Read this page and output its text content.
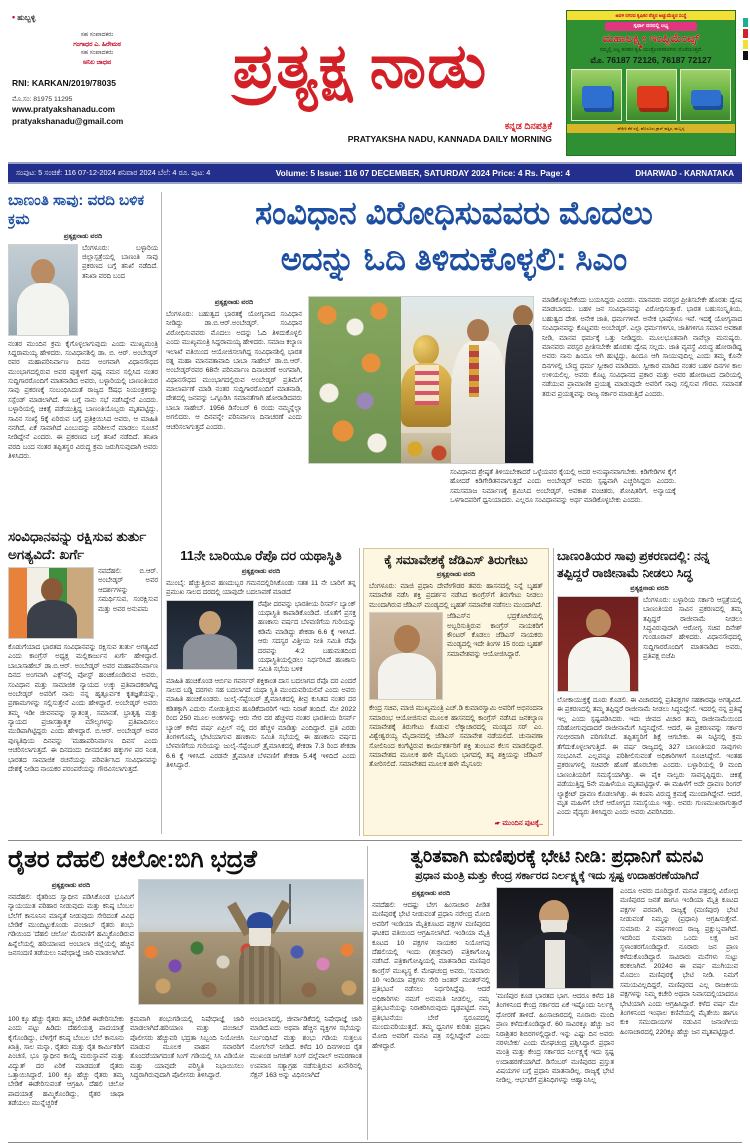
• ಹುಬ್ಬಳ್ಳಿ
ಸಹ ಸಂಪಾದಕರು
ಗಂಗಾಧರ ಎ. ಹಿರೇಮಠ
ಸಹ ಸಂಪಾದಕರು
ಅನಿಲ ಜಾಧವ
RNI: KARKAN/2019/78035
ಮೊ.ಸಂ: 81975 11295
www.pratyakshanadu.com
pratyakshanadu@gmail.com
ಪ್ರತ್ಯಕ್ಷ ನಾಡು
ಕನ್ನಡ ದಿನಪತ್ರಿಕೆ
PRATYAKSHA NADU, KANNADA DAILY MORNING
ಅವಳಿ ನಗರದ ಕೃಷಿಕರ ನೆಚ್ಚಿನ ಅಚ್ಚುಮೆಚ್ಚಿನ ಸಂಸ್ಥೆ
ಸ್ಪರ್ಧಾ ದರದಲ್ಲಿ ಲಭ್ಯ
ಮಹಾಲಕ್ಷ್ಮೀ ಇಂಪ್ಲಿಮೆಂಟ್ಸ್
ನಮ್ಮಲ್ಲಿ ಎಲ್ಲ ತರಹದ ಕೃಷಿ ಯಂತ್ರೋಪಕರಣಗಳು ದೊರೆಯುತ್ತವೆ.
ಮೊ. 76187 72126, 76187 72127
ಹೆಗ್ಗೇರಿ ಕೆರೆ ರಸ್ತೆ, ಹೊಸೂರು ಕ್ರಾಸ್ ಹತ್ತಿರ, ಹುಬ್ಬಳ್ಳಿ
ಸಂಪುಟ: 5 ಸಂಚಿಕೆ: 116 07-12-2024 ಶನಿವಾರ 2024 ಬೆಲೆ: 4 ರೂ. ಪುಟ: 4	Volume: 5 Issue: 116 07 DECEMBER, SATURDAY 2024 Price: 4 Rs. Page: 4	DHARWAD - KARNATAKA
ಬಾಣಂತಿ ಸಾವು: ವರದಿ ಬಳಿಕ ಕ್ರಮ
ಪ್ರತ್ಯಕ್ಷನಾಡು ವರದಿ
ಬೆಂಗಳೂರು: ಬಳ್ಳಾರಿಯ ಜಿಲ್ಲಾಸ್ಪತ್ರೆಯಲ್ಲಿ ಬಾಣಂತಿ ಸಾವು ಪ್ರಕರಣದ ಬಗ್ಗೆ ತನಿಖೆ ನಡೆದಿದೆ. ತನಿಖಾ ವರದಿ ಬಂದ
ನಂತರ ಮುಂದಿನ ಕ್ರಮ ಕೈಗೊಳ್ಳಲಾಗುವುದು ಎಂದು ಮುಖ್ಯಮಂತ್ರಿ ಸಿದ್ದರಾಮಯ್ಯ ಹೇಳಿದರು. ಸಂವಿಧಾನಶಿಲ್ಪಿ ಡಾ. ಬಿ. ಆರ್. ಅಂಬೇಡ್ಕರ್ ರವರ ಮಹಾಪರಿನಿರ್ವಾಣ ದಿನದ ಅಂಗವಾಗಿ ವಿಧಾನಸೌಧದ ಮುಂಭಾಗದಲ್ಲಿರುವ ಅವರ ಪುತ್ಥಳಿಗೆ ಪುಷ್ಪ ನಮನ ಸಲ್ಲಿಸಿದ ನಂತರ ಸುದ್ದಿಗಾರರೊಂದಿಗೆ ಮಾತನಾಡಿದ ಅವರು, ಬಳ್ಳಾರಿಯಲ್ಲಿ ಬಾಣಂತಿಯರ ಸಾವು ಪ್ರಕರಣಕ್ಕೆ ಸಂಬಂಧಿಸಿದಂತೆ ರಾಜ್ಯದ ಔಷಧ ನಿಯಂತ್ರಕರನ್ನು ಸಸ್ಪೆಂಡ್ ಮಾಡಲಾಗಿದೆ. ಈ ಬಗ್ಗೆ ನಾನು ಸಭೆ ನಡೆಸಿದ್ದೇನೆ ಎಂದರು. ಬಳ್ಳಾರಿಯಲ್ಲಿ ಚಿಕಿತ್ಸೆ ಪಡೆಯುತ್ತಿದ್ದ ಬಾಣಂತಿಯೊಬ್ಬರು ಮೃತಪಟ್ಟಿದ್ದು, ಸಾವಿನ ಸಂಖ್ಯೆ 5ಕ್ಕೆ ಏರಿರುವ ಬಗ್ಗೆ ಪ್ರತಿಕ್ರಿಯಿಸಿದ ಅವರು, ಆ ಮಾಹಿತಿ ನನಗಿದೆ, ಏಕೆ ಸಾವಾಗಿದೆ ಎಂಬುದನ್ನು ಪರಿಶೀಲನೆ ಮಾಡಲು ಸೂಚನೆ ನೀಡಿದ್ದೇನೆ ಎಂದರು. ಈ ಪ್ರಕರಣದ ಬಗ್ಗೆ ತನಿಖೆ ನಡೆದಿದೆ. ತನಿಖಾ ವರದಿ ಬಂದ ನಂತರ ತಪ್ಪಿತಸ್ಥರ ವಿರುದ್ಧ ಕ್ರಮ ಜರುಗಿಸುವುದಾಗಿ ಅವರು ತಿಳಿಸಿದರು.
ಸಂವಿಧಾನ ವಿರೋಧಿಸುವವರು ಮೊದಲು
ಅದನ್ನು ಓದಿ ತಿಳಿದುಕೊಳ್ಳಲಿ: ಸಿಎಂ
ಪ್ರತ್ಯಕ್ಷನಾಡು ವರದಿ
ಬೆಂಗಳೂರು: ಬಹುತ್ವದ ಭಾರತಕ್ಕೆ ಯೋಗ್ಯವಾದ ಸಂವಿಧಾನ ನೀಡಿದ್ದು ಡಾ.ಬಿ.ಆರ್.ಅಂಬೇಡ್ಕರ್. ಸಂವಿಧಾನ ವಿರೋಧಿಸುವವರು ಮೊದಲು ಅದನ್ನು ಓದಿ ತಿಳಿದುಕೊಳ್ಳಲಿ ಎಂದು ಮುಖ್ಯಮಂತ್ರಿ ಸಿದ್ದರಾಮಯ್ಯ ಹೇಳಿದರು. ಸಮಾಜ ಕಲ್ಯಾಣ ಇಲಾಖೆ ವತಿಯಿಂದ ಆಯೋಜಿಸಲಾಗಿದ್ದ ಸಂವಿಧಾನಶಿಲ್ಪಿ ಭಾರತ ರತ್ನ ಮಹಾ ಮಾನವತಾವಾದಿ ಬಾಬಾ ಸಾಹೇಬ್ ಡಾ.ಬಿ.ಆರ್. ಅಂಬೇಡ್ಕರ್‌ರವರ 68ನೇ ಪರಿನಿರ್ವಾಣ ದಿನಾಚರಣೆ ಅಂಗವಾಗಿ, ವಿಧಾನಸೌಧದ ಮುಂಭಾಗದಲ್ಲಿರುವ ಅಂಬೇಡ್ಕರ್ ಪ್ರತಿಮೆಗೆ ಮಾಲಾರ್ಪಣೆ ಮಾಡಿ ನಂತರ ಸುದ್ದಿಗಾರರೊಂದಿಗೆ ಮಾತನಾಡಿ, ದೇಶದಲ್ಲಿ ಜನವನ್ನು ಒಗ್ಗೂಡಿಸಿ ಸಮಾನತೆಗಾಗಿ ಹೋರಾಡಿದವರು ಬಾಬಾ ಸಾಹೇಬ್. 1956 ಡಿಸೆಂಬರ್ 6 ರಂದು ನಮ್ಮನ್ನೆಲ್ಲಾ ಅಗಲಿದರು. ಆ ದಿನವನ್ನೇ ಪರಿನಿರ್ವಾಣ ದಿನಾಚರಣೆ ಎಂದು ಆಚರಿಸಲಾಗುತ್ತದೆ ಎಂದರು.
ಸಂವಿಧಾನದ ಶ್ರೇಷ್ಠತೆ ತಿಳಿಯಬೇಕಾದರೆ ಒಳ್ಳೆಯವರ ಕೈಯಲ್ಲಿ ಅದರ ಅನುಷ್ಠಾನವಾಗಬೇಕು. ಕಿಡಿಗೇಡಿಗಳ ಕೈಗೆ ಹೋದರೆ ಕಿಡಿಗೇಡಿತನವಾಗುತ್ತದೆ ಎಂದು ಅಂಬೇಡ್ಕರ್ ಅವರು ಸ್ಪಷ್ಟವಾಗಿ ಎಚ್ಚರಿಸಿದ್ದರು ಎಂದರು. ಸಮಸಮಾಜ ನಿರ್ಮಾಣಕ್ಕೆ ಶ್ರಮಿಸಿದ ಅಂಬೇಡ್ಕರ್, ಅವಕಾಶ ವಂಚಿತರು, ಶೋಷಿತರಿಗೆ, ಅನ್ಯಾಯಕ್ಕೆ ಒಳಗಾದವರಿಗೆ ಧ್ವನಿಯಾದರು. ಎಲ್ಲರೂ ಸಂವಿಧಾನವನ್ನು ಅರ್ಥ ಮಾಡಿಕೊಳ್ಳಬೇಕು ಎಂದರು.
ಮಾಡಿಕೊಳ್ಳಬೇಕೆಂದು ಬಯಸಿದ್ದರು ಎಂದರು. ಮಾನವರು ಪರಸ್ಪರ ಪ್ರೀತಿಸಬೇಕೇ ಹೊರತು ದ್ವೇಷ ಮಾಡಬಾರದು. ಬಹಳ ಜನ ಸಂವಿಧಾನವನ್ನು ವಿರೋಧಿಸುತ್ತಾರೆ. ಭಾರತ ಬಹುಸಂಸ್ಕೃತಿಯ, ಬಹುತ್ವದ ದೇಶ. ಅನೇಕ ಜಾತಿ, ಧರ್ಮಗಳಿವೆ. ಅನೇಕ ಭಾಷೆಗಳೂ ಇವೆ. ಇದಕ್ಕೆ ಯೋಗ್ಯವಾದ ಸಂವಿಧಾನವನ್ನು ಕೊಟ್ಟವರು ಅಂಬೇಡ್ಕರ್. ಎಲ್ಲಾ ಧರ್ಮಗಳಿಗೂ, ಜಾತಿಗಳಿಗೂ ಸಮಾನ ಅವಕಾಶ ನೀಡಿ, ಮಾನವ ಧರ್ಮಕ್ಕೆ ಒತ್ತು ನೀಡಿದ್ದರು. ಮೂಲಭೂತವಾಗಿ ನಾವೆಲ್ಲಾ ಮನುಷ್ಯರು. ಮಾನವರು ಪರಸ್ಪರ ಪ್ರೀತಿಸಬೇಕೇ ಹೊರತು ದ್ವೇಷ ಸಲ್ಲದು. ಜಾತಿ ವ್ಯವಸ್ಥೆ ವಿರುದ್ಧ ಹೋರಾಡಿದ್ದ ಅವರು ನಾನು ಹಿಂದೂ ಆಗಿ ಹುಟ್ಟಿದ್ದು, ಹಿಂದೂ ಆಗಿ ಸಾಯುವುದಿಲ್ಲ ಎಂದು ತಮ್ಮ ಕೊನೇ ದಿನಗಳಲ್ಲಿ ಬೌದ್ಧ ಧರ್ಮ ಸ್ವೀಕಾರ ಮಾಡಿದರು. ಸ್ವೀಕಾರ ಮಾಡಿದ ನಂತರ ಬಹಳ ದಿನಗಳ ಕಾಲ ಉಳಿಯಲಿಲ್ಲ. ಅವರು ಕೊಟ್ಟ ಸಂವಿಧಾನದ ಪ್ರಕಾರ ಮತ್ತು ಅವರ ಹೋರಾಟದ ದಾರಿಯಲ್ಲಿ ನಡೆಯುವ ಪ್ರಾಮಾಣಿಕ ಪ್ರಯತ್ನ ಮಾಡುವುದೇ ಅವರಿಗೆ ನಾವು ಸಲ್ಲಿಸುವ ಗೌರವ. ಸಮಾನತೆ ತರುವ ಪ್ರಯತ್ನವನ್ನು ರಾಜ್ಯ ಸರ್ಕಾರ ಮಾಡುತ್ತಿದೆ ಎಂದರು.
ಸಂವಿಧಾನವನ್ನು ರಕ್ಷಿಸುವ ತುರ್ತು ಅಗತ್ಯವಿದೆ: ಖರ್ಗೆ
ನವದೆಹಲಿ: ಬಿ.ಆರ್. ಅಂಬೇಡ್ಕರ್ ಅವರ ಆದರ್ಶಗಳನ್ನು ಸಮರ್ಥಿಸುವ, ಸಂರಕ್ಷಿಸುವ ಮತ್ತು ಅವರ ಅನುಪಮ
ಕೊಡುಗೆಯಾದ ಭಾರತದ ಸಂವಿಧಾನವನ್ನು ರಕ್ಷಿಸುವ ತುರ್ತು ಅಗತ್ಯವಿದೆ ಎಂದು ಕಾಂಗ್ರೆಸ್ ಅಧ್ಯಕ್ಷ ಮಲ್ಲಿಕಾರ್ಜುನ ಖರ್ಗೆ ಹೇಳಿದ್ದಾರೆ. ಬಾಬಾಸಾಹೇಬ್ ಡಾ.ಬಿ.ಆರ್. ಅಂಬೇಡ್ಕರ್ ಅವರ ಮಹಾಪರಿನಿರ್ವಾಣ ದಿನದ ಅಂಗವಾಗಿ ಎಕ್ಸ್‌ನಲ್ಲಿ ಪೋಸ್ಟ್ ಹಂಚಿಕೊಂಡಿರುವ ಅವರು, ಸಂವಿಧಾನ ಮತ್ತು ಸಾಮಾಜಿಕ ನ್ಯಾಯದ ಉಕ್ಕು ಪ್ರತಿಪಾದಕರಾಗಿದ್ದ ಅಂಬೇಡ್ಕರ್ ಅವರಿಗೆ ನಾನು ನನ್ನ ಹೃತ್ಪೂರ್ವಕ ಕೃತಜ್ಞತೆಯನ್ನು, ಪ್ರಣಾಮಗಳನ್ನು ಸಲ್ಲಿಸುತ್ತೇನೆ ಎಂದು ಹೇಳಿದ್ದಾರೆ. ಅಂಬೇಡ್ಕರ್ ಅವರು ತಮ್ಮ ಇಡೀ ಜೀವನವನ್ನು ಸ್ವಾತಂತ್ರ್ಯ, ಸಮಾನತೆ, ಭ್ರಾತೃತ್ವ ಮತ್ತು ನ್ಯಾಯದ ಪ್ರಜಾಸತ್ತಾತ್ಮಕ ಮೌಲ್ಯಗಳನ್ನು ಪ್ರತಿಪಾದಿಸಲು ಮುಡಿಪಾಗಿಟ್ಟಿದ್ದರು ಎಂದು ಹೇಳಿದ್ದಾರೆ. ಬಿ.ಆರ್. ಅಂಬೇಡ್ಕರ್ ಅವರ ಪುಣ್ಯತಿಥಿಯ ದಿನವನ್ನು 'ಮಹಾಪರಿನಿರ್ವಾಣ ದಿವಸ' ಎಂದು ಆಚರಿಸಲಾಗುತ್ತದೆ. ಈ ದಿನದಂದು ದೀನದಲಿತರ ಹಕ್ಕುಗಳ ಪರ ನಿಂತ, ಭಾರತದ ಸಾಮಾಜಿಕ ರಚನೆಯನ್ನು ಪರಿವರ್ತಿಸಿದ ಸಂವಿಧಾನವನ್ನು ದೇಶಕ್ಕೆ ನೀಡಿದ ನಾಯಕರ ಪರಂಪರೆಯನ್ನು ಗೌರವಿಸಲಾಗುತ್ತದೆ.
11ನೇ ಬಾರಿಯೂ ರೆಪೊ ದರ ಯಥಾಸ್ಥಿತಿ
ಪ್ರತ್ಯಕ್ಷನಾಡು ವರದಿ
ಮುಂಬೈ: ಹೆಚ್ಚುತ್ತಿರುವ ಹಣದುಬ್ಬರ ಗಮನದಲ್ಲಿರಿಸಿಕೊಂಡು ಸತತ 11 ನೇ ಬಾರಿಗೆ ತನ್ನ ಪ್ರಮುಖ ಸಾಲದ ದರದಲ್ಲಿ ಯಾವುದೇ ಬದಲಾವಣೆ ಮಾಡದೆ
ರೆಪೋ ದರವನ್ನು ಭಾರತೀಯ ರಿಸರ್ವ್ ಬ್ಯಾಂಕ್ ಯಥಾಸ್ಥಿತಿ ಕಾಪಾಡಿಕೊಂಡಿದೆ. ಜೊತೆಗೆ ಪ್ರಸಕ್ತ ಹಣಕಾಸು ವರ್ಷದ ಬೆಳವಣಿಗೆಯ ಗುರಿಯನ್ನು ಕಡಿಮೆ ಮಾಡಿದ್ದು ಶೇಕಡಾ 6.6 ಕ್ಕೆ ಇಳಿಸಿದೆ. ಆರು ಸದಸ್ಯರ ವಿತ್ತೀಯ ನೀತಿ ಸಮಿತಿ ರೆಪೊ ದರವನ್ನು 4:2 ಬಹುಮತದಿಂದ ಯಥಾಸ್ಥಿತಿಯಲ್ಲಿಡಲು ನಿರ್ಧರಿಸಿದೆ ಹಣಕಾಸು ಸಮಿತಿ ಸಭೆಯ ಬಳಿಕ
ಮಾಹಿತಿ ಹಂಚಿಕೊಂಡ ಆರ್ಬಿಐ ಗವರ್ನರ್ ಶಕ್ತಿಕಾಂತ ದಾಸ ಬದಲಾಗದ ರೆಪೊ ದರ ಎಂದರೆ ಸಾಲದ ಬಡ್ಡಿ ದರಗಳು ಸಹ ಬದಲಾಗದೆ ಯಥಾ ಸ್ಥಿತಿ ಮುಂದುವರಿಯಲಿವೆ ಎಂದು ಅವರು ಮಾಹಿತಿ ಹಂಚಿಕೊಂಡರು. ಜುಲೈ-ಸೆಪ್ಟೆಂಬರ್ ತ್ರೈಮಾಸಿಕದಲ್ಲಿ ತೀವ್ರ ಕುಸಿತದ ನಂತರ ದರ ಕಡಿತಕ್ಕಾಗಿ ಎದುರು ನೋಡುತ್ತಿರುವ ಹೂಡಿಕೆದಾರರಿಗೆ ಇದು ನಿರಾಶೆ ತಂದಿದೆ. ಮೇ 2022 ರಿಂದ 250 ಮೂಲ ಅಂಕಗಳನ್ನು ಆರು ನೇರ ದರ ಹೆಚ್ಚಳದ ನಂತರ ಭಾರತೀಯ ರಿಸರ್ವ್ ಬ್ಯಾಂಕ್ ಕಳೆದ ವರ್ಷ ಏಪ್ರಿಲ್ ನಲ್ಲಿ ದರ ಹೆಚ್ಚಳ ಮಾಡಿತ್ತು ಎಂದಿದ್ದಾರೆ. ಪ್ರತಿ ಎರಡು ತಿಂಗಳಿಗೊಮ್ಮೆ ಭೇಟಿಯಾಗುವ ಹಣಕಾಸು ಸಮಿತಿ ಸಭೆಯಲ್ಲಿ ಈ ಹಣಕಾಸು ವರ್ಷದ ಬೆಳವಣಿಗೆಯ ಗುರಿಯನ್ನು ಜುಲೈ-ಸೆಪ್ಟೆಂಬರ್ ತ್ರೈಮಾಸಿಕದಲ್ಲಿ ಶೇಕಡಾ 7.3 ರಿಂದ ಶೇಕಡಾ 6.6 ಕ್ಕೆ ಇಳಿಸಿದೆ. ಎರಡನೇ ತ್ರೈಮಾಸಿಕ ಬೆಳವಣಿಗೆ ಶೇಕಡಾ 5.4ಕ್ಕೆ ಇಳಿದಿದೆ ಎಂದು ತಿಳಿಸಿದ್ದಾರೆ.
ಕೈ ಸಮಾವೇಶಕ್ಕೆ ಜೆಡಿಎಸ್ ತಿರುಗೇಟು
ಪ್ರತ್ಯಕ್ಷನಾಡು ವರದಿ
ಬೆಂಗಳೂರು: ಮಾಜಿ ಪ್ರಧಾನಿ ದೇವೇಗೌಡರ ತವರು ಹಾಸನದಲ್ಲಿ ನಿನ್ನೆ ಬೃಹತ್ ಸಮಾವೇಶ ನಡೆಸಿ ಶಕ್ತಿ ಪ್ರದರ್ಶನ ನಡೆಸಿದ ಕಾಂಗ್ರೆಸ್‌ಗೆ ತಿರುಗೇಟು ನೀಡಲು ಮುಂದಾಗಿರುವ ಜೆಡಿಎಸ್ ಮಂಡ್ಯದಲ್ಲಿ ಬೃಹತ್ ಸಮಾವೇಶ ನಡೆಸಲು ಮುಂದಾಗಿದೆ.
ಜೆಡಿಎಸ್‌ನ ಭದ್ರಕೋಟೆಯಲ್ಲಿ ಅಬ್ಬರಿಸುತ್ತಿರುವ ಕಾಂಗ್ರೆಸ್ ನಾಯಕರಿಗೆ ಕೌಂಟರ್ ಕೊಡಲು ಜೆಡಿಎಸ್ ನಾಯಕರು ಮಂಡ್ಯದಲ್ಲಿ ಇದೇ ತಿಂಗಳ 15 ರಂದು ಬೃಹತ್ ಸಮಾವೇಶವನ್ನು ಆಯೋಜಿಸಿದ್ದಾರೆ.
ಕೇಂದ್ರ ಸಚಿವ, ಮಾಜಿ ಮುಖ್ಯಮಂತ್ರಿ ಎಚ್.ಡಿ ಕುಮಾರಸ್ವಾಮಿ ಅವರಿಗೆ ಅಭಿನಂದನಾ ಸಮಾರಂಭ ಆಯೋಜಿಸುವ ಮೂಲಕ ಹಾಸನದಲ್ಲಿ ಕಾಂಗ್ರೆಸ್ ನಡೆಸಿದ ಜನಕಲ್ಯಾಣ ಸಮಾವೇಶಕ್ಕೆ ತಿರುಗೇಟು ಕೊಡುವ ಲೆಕ್ಕಾಚಾರದಲ್ಲಿ ಮಂಡ್ಯದ ಸರ್ ಎಂ. ವಿಶ್ವೇಶ್ವರಯ್ಯ ಮೈದಾನದಲ್ಲಿ ಜೆಡಿಎಸ್ ಸಮಾವೇಶ ನಡೆಯಲಿದೆ. ಚುನಾವಣಾ ಸೋಲಿನಿಂದ ಕಂಗೆಟ್ಟಿರುವ ಕಾರ್ಯಕರ್ತರಿಗೆ ಶಕ್ತಿ ತುಂಬುವ ಕೆಲಸ ಮಾಡಲಿದ್ದಾರೆ. ಸಮಾವೇಶದ ಮೂಲಕ ಹಳೇ ಮೈಸೂರು ಭಾಗದಲ್ಲಿ ತನ್ನ ಶಕ್ತಿಯನ್ನು ಜೆಡಿಎಸ್ ತೋರಿಸಲಿದೆ. ಸಮಾವೇಶದ ಮೂಲಕ ಹಳೇ ಮೈಸೂರು
☛ ಮುಂದಿನ ಪುಟಕ್ಕೆ..
ಬಾಣಂತಿಯರ ಸಾವು ಪ್ರಕರಣದಲ್ಲಿ: ನನ್ನ ತಪ್ಪಿದ್ದರೆ ರಾಜೀನಾಮೆ ನೀಡಲು ಸಿದ್ಧ
ಪ್ರತ್ಯಕ್ಷನಾಡು ವರದಿ
ಬೆಂಗಳೂರು: ಬಳ್ಳಾರಿಯ ಸರ್ಕಾರಿ ಆಸ್ಪತ್ರೆಯಲ್ಲಿ ಬಾಣಂತಿಯರ ಸಾವಿನ ಪ್ರಕರಣದಲ್ಲಿ ತಮ್ಮ ತಪ್ಪಿದ್ದರೆ ರಾಜೀನಾಮೆ ನೀಡಲು ಸಿದ್ಧವಿರುವುದಾಗಿ ಆರೋಗ್ಯ ಸಚಿವ ದಿನೇಶ್ ಗುಂಡೂರಾವ್ ಹೇಳಿದರು. ವಿಧಾನಸೌಧದಲ್ಲಿ ಸುದ್ದಿಗಾರರೊಂದಿಗೆ ಮಾತನಾಡಿದ ಅವರು, ಪ್ರತಿಪಕ್ಷ ಬಿಜೆಪಿ
ಲೋಕಾಯುಕ್ತಕ್ಕೆ ದೂರು ಕೊಡಲಿ. ಈ ವಿಚಾರದಲ್ಲಿ ಪ್ರತಿಪಕ್ಷಗಳ ಸಹಕಾರವೂ ಅಗತ್ಯವಿದೆ. ಈ ಪ್ರಕರಣದಲ್ಲಿ ತಮ್ಮ ತಪ್ಪಿದ್ದರೆ ರಾಜೀನಾಮೆ ನೀಡಲು ಸಿದ್ಧನಿದ್ದೇನೆ. ಇದರಲ್ಲಿ ನನ್ನ ಪ್ರತಿಷ್ಠೆ ಇಲ್ಲ ಎಂದು ಸ್ಪಷ್ಟಪಡಿಸಿದರು. ಇದು ಜೀವದ ವಿಚಾರ ತಮ್ಮ ರಾಜೀನಾಮೆಯಿಂದ ಸರಿಹೋಗುವುದಾದರೆ ರಾಜೀನಾಮೆಗೆ ಸಿದ್ಧನಿದ್ದೇನೆ. ಆದರೆ, ಈ ಪ್ರಕರಣವನ್ನು ಸರ್ಕಾರ ಗಂಭೀರವಾಗಿ ಪರಿಗಣಿಸಿದೆ. ತಪ್ಪಿತಸ್ಥರಿಗೆ ಶಿಕ್ಷೆ ಆಗಬೇಕು. ಈ ನಿಟ್ಟಿನಲ್ಲಿ ಕ್ರಮ ತೆಗೆದುಕೊಳ್ಳಲಾಗುತ್ತಿದೆ. ಈ ವರ್ಷ ರಾಜ್ಯದಲ್ಲಿ 327 ಬಾಣಂತಿಯರ ಸಾವುಗಳು ಸಂಭವಿಸಿವೆ. ಎಲ್ಲವನ್ನೂ ಪರಿಶೀಲಿಸುವಂತೆ ಅಧಿಕಾರಿಗಳಿಗೆ ಸೂಚಿಸಿದ್ದೇನೆ. ಇಂತಹ ಪ್ರಕರಣಗಳಲ್ಲಿ ಸಚಿವರೇ ಹೊಣೆ ಹೊರಬೇಕು ಎಂದರು. ಬಳ್ಳಾರಿಯಲ್ಲಿ 9 ಮಂದಿ ಬಾಣಂತಿಯರಿಗೆ ಸಮಸ್ಯೆಯಾಗಿತ್ತು. ಈ ಪೈಕಿ ನಾಲ್ವರು ಸಾವನ್ನಪ್ಪಿದ್ದರು. ಚಿಕಿತ್ಸೆ ಪಡೆಯುತ್ತಿದ್ದ 5ನೇ ಮಹಿಳೆಯೂ ಮೃತಪಟ್ಟಿದ್ದಾಳೆ. ಈ ಮಹಿಳೆಗೆ ಅದೇ ದ್ರಾವಣ ರಿಂಗರ್ ಲ್ಯಾಕ್ಟೇಟ್ ದ್ರಾವಣ ಕೊಡಲಾಗಿತ್ತು. ಈ ಕಂಪನಿ ವಿರುದ್ಧ ಕ್ರಮಕ್ಕೆ ಮುಂದಾಗಿದ್ದೇವೆ. ಆದರೆ, ಮೃತ ಮಹಿಳೆಗೆ ಬೇರೆ ಆರೋಗ್ಯದ ಸಮಸ್ಯೆಯೂ ಇತ್ತು. ಅವರು ಗುಣಮುಖರಾಗುತ್ತಾರೆ ಎಂದು ವೈದ್ಯರು ತಿಳಿಸಿದ್ದರು ಎಂದು ಅವರು ವಿವರಿಸಿದರು.
ರೈತರ ದೆಹಲಿ ಚಲೋ:ಬಿಗಿ ಭದ್ರತೆ
ಪ್ರತ್ಯಕ್ಷನಾಡು ವರದಿ
ನವದೆಹಲಿ: ರೈತರಿಂದ ಸ್ವಾಧೀನ ಪಡಿಸಿಕೊಂಡ ಭೂಮಿಗೆ ನ್ಯಾಯಯುತ ಪರಿಹಾರ ನೀಡುವುದು ಮತ್ತು ಕನಿಷ್ಠ ಬೆಂಬಲ ಬೆಲೆಗೆ ಕಾನೂನಿನ ಮಾನ್ಯತೆ ನೀಡುವುದು ಸೇರಿದಂತೆ ವಿವಿಧ ಬೇಡಿಕೆ ಮುಂದಿಟ್ಟುಕೊಂಡು ಪಂಜಾಬ್ ರೈತರು ಶಂಭು ಗಡಿಯಿಂದ 'ದೆಹಲಿ ಚಲೋ' ಮೆರವಣಿಗೆ ಹಮ್ಮಿಕೊಂಡಿರುವ ಹಿನ್ನೆಲೆಯಲ್ಲಿ ಹರಿಯಾಣದ ಅಂಬಾಲಾ ಜಿಲ್ಲೆಯಲ್ಲಿ ಹೆಚ್ಚಿನ ಜನಸಂದಣಿ ತಡೆಯಲು ನಿಷೇಧಾಜ್ಞೆ ಜಾರಿ ಮಾಡಲಾಗಿದೆ.
100 ಕ್ಕೂ ಹೆಚ್ಚು ರೈತರು ತಮ್ಮ ಬೇಡಿಕೆ ಈಡೇರಿಸಬೇಕು ಎಂದು ಪಟ್ಟು ಹಿಡಿದು ದೆಹಲಿಯತ್ತ ಪಾದಯಾತ್ರೆ ಕೈಗೊಂಡಿದ್ದು, ಬೆಳಿಗ್ಗೆಗೆ ಕನಿಷ್ಠ ಬೆಂಬಲ ಬೆಲೆ ಕಾನೂನು ಖಾತ್ರಿ, ಸಾಲ ಮನ್ನಾ, ರೈತರು ಮತ್ತು ರೈತ ಕಾರ್ಮಿಕರಿಗೆ ಪಿಂಚಣಿ, ಭೂ ಸ್ವಾಧೀನ ಕಾಯ್ದೆ ಮರುಸ್ಥಾಪನೆ ಮತ್ತು ವಿದ್ಯುತ್ ದರ ಏರಿಕೆ ಮಾಡದಂತೆ ರೈತರು ಒತ್ತಾಯಿಸಿದ್ದಾರೆ. 100 ಕ್ಕೂ ಹೆಚ್ಚು ರೈತರು ತಮ್ಮ ಬೇಡಿಕೆ ಈಡೇರಿಸುವಂತೆ ಆಗ್ರಹಿಸಿ ದೆಹಲಿ ಚಲೋ ಪಾದಯಾತ್ರೆ ಹಮ್ಮಿಕೊಂಡಿದ್ದು, ರೈತರ ಜಾಥಾ ತಡೆಯಲು ಮುನ್ನೆಚ್ಚರಿಕೆ
ಕ್ರಮವಾಗಿ ಶಂಭುಗಡಿಯಲ್ಲಿ ನಿಷೇಧಾಜ್ಞೆ ಜಾರಿ ಮಾಡಲಾಗಿದೆ.ಹರಿಯಾಣ ಮತ್ತು ಪಂಜಾಬ್ ಪೊಲೀಸರು ಹೆಚ್ಚುವರಿ ಭದ್ರತಾ ಸಿಬ್ಬಂದಿ ನಿಯೋಜಿಸಿ ಮಾಡುವ ಮೂಲಕ ವಾಹನ ಸವಾರರಿಗೆ ತೊಂದರೆಯಾಗದಂತೆ ಸಿಂಗ್ ಗಡಿಯಲ್ಲಿ ಸಿಸಿ ವಿಡಿಯೋ ಮತ್ತು ಯಾವುದೇ ಪರಿಸ್ಥಿತಿ ನಿಭಾಯಿಸಲು ಸಿದ್ಧರಾಗಿರುವುದಾಗಿ ಪೊಲೀಸರು ತಿಳಿಸಿದ್ದಾರೆ.
ಅಂಬಾಲಾದಲ್ಲಿ, ಜೀರ್ವಾಡಿಕೆದಲ್ಲಿ ನಿಷೇಧಾಜ್ಞೆ ಜಾರಿ ಮಾಡಿದೆ.ಐದು ಅಥವಾ ಹೆಚ್ಚಿನ ವ್ಯಕ್ತಿಗಳ ಸಭೆಯನ್ನು ನಿರ್ಬಂಧಿಸಿದೆ ಮತ್ತು ಶಂಭು ಗಡಿಯ ಸುತ್ತಲೂ ನೋಗುೀನ್ ನೀಡಿದೆ. ಕಳೆದ 10 ದಿನಗಳಿಂದ ರೈತ ಮುಖಂಡ ಜಗಜಿತ್ ಸಿಂಗ್ ದಲ್ಲೆವಾಲ್ ಅಮರಣಾಂತ ಉಪವಾಸ ಸತ್ಯಾಗ್ರಹ ನಡೆಸುತ್ತಿರುವ ಖನೌರಿನಲ್ಲಿ ಸೆಕ್ಷನ್ 163 ಅನ್ನು ವಿಧಿಸಲಾಗಿದೆ
ತ್ವರಿತವಾಗಿ ಮಣಿಪುರಕ್ಕೆ ಭೇಟಿ ನೀಡಿ: ಪ್ರಧಾನಿಗೆ ಮನವಿ
ಪ್ರಧಾನ ಮಂತ್ರಿ ಮತ್ತು ಕೇಂದ್ರ ಸರ್ಕಾರದ ನಿರ್ಲಕ್ಷ್ಯಕ್ಕೆ ಇದು ಸ್ಪಷ್ಟ ಉದಾಹರಣೆಯಾಗಿದೆ
ಪ್ರತ್ಯಕ್ಷನಾಡು ವರದಿ
ನವದೆಹಲಿ: ಆದಷ್ಟು ಬೇಗ ಹಿಂಸಾಚಾರ ಪೀಡಿತ ಮಣಿಪುರಕ್ಕೆ ಭೇಟಿ ನೀಡುವಂತೆ ಪ್ರಧಾನಿ ನರೇಂದ್ರ ಮೋದಿ ಅವರಿಗೆ ಇಂಡಿಯಾ ಮೈತ್ರಿಕೂಟದ ಪಕ್ಷಗಳ ಮಣಿಪುರದ ಘಟಕದ ವತಿಯಿಂದ ಆಗ್ರಹಿಸಲಾಗಿದೆ. ಇಂಡಿಯಾ ಮೈತ್ರಿ ಕೂಟದ 10 ಪಕ್ಷಗಳ ನಾಯಕರ ನಿಯೋಗವು ದೆಹಲಿಯಲ್ಲಿ ಇಂದು (ಶುಕ್ರವಾರ) ಪತ್ರಿಕಾಗೋಷ್ಠಿ ನಡೆಸಿದೆ. ಪತ್ರಿಕಾಗೋಷ್ಠಿಯಲ್ಲಿ ಮಾತನಾಡಿದ ಮಣಿಪುರ ಕಾಂಗ್ರೆಸ್ ಮುಖ್ಯಸ್ಥ ಕೆ. ಮೇಘಚಂದ್ರ ಅವರು, 'ಸುಮಾರು 10 ಇಂಡಿಯಾ ಪಕ್ಷಗಳು ಸೇರಿ ಜಂತರ್ ಮಂತರ್‌ನಲ್ಲಿ ಪ್ರತಿಭಟನೆ ನಡೆಸಲು ನಿರ್ಧರಿಸಿದ್ದೆವು. ಆದರೆ ಅಧಿಕಾರಿಗಳು ನಮಗೆ ಅನುಮತಿ ನೀಡಲಿಲ್ಲ. ನಮ್ಮ ಪ್ರತಿಭಟನೆಯನ್ನು ನಿರಾಕರಿಸಿರುವುದು ದೃಢಪಟ್ಟಿದೆ. ನಮ್ಮ ಪ್ರತಿಭಟನೆಯು ಬೇರೆ ಸ್ವರೂಪದಲ್ಲಿ ಮುಂದುವರಿಯುತ್ತದೆ. ತಮ್ಮ ಧ್ವನಿಗಳ ಕುರಿತು ಪ್ರಧಾನಿ ಮೋದಿ ಅವರಿಗೆ ಮನವಿ ಪತ್ರ ಸಲ್ಲಿಸಿದ್ದೇವೆ' ಎಂದು ಹೇಳಿದ್ದಾರೆ.
'ಮಣಿಪುರ ಕೂಡ ಭಾರತದ ಭಾಗ. ಆದರೂ ಕಳೆದ 18 ತಿಂಗಳಿನಿಂದ ಕೇಂದ್ರ ಸರ್ಕಾರದ ಏಕೆ ಇಷ್ಟೊಂದು ನಿರ್ಲಕ್ಷ್ಯ ಧೋರಣೆ ತಾಳಿದೆ. ಹಿಂಸಾಚಾರದಲ್ಲಿ ನೂರಾರು ಮಂದಿ ಪ್ರಾಣ ಕಳೆದುಕೊಂಡಿದ್ದಾರೆ. 60 ಸಾವಿರಕ್ಕೂ ಹೆಚ್ಚು ಜನ ನಿರಾಶ್ರಿತರ ಶಿಬಿರಗಳಲ್ಲಿದ್ದಾರೆ. ಇನ್ನು ಎಷ್ಟು ದಿನ ಅವರು ನರಳಬೇಕು' ಎಂದು ಮೇಘಚಂದ್ರ ಪ್ರಶ್ನಿಸಿದ್ದಾರೆ. ಪ್ರಧಾನ ಮಂತ್ರಿ ಮತ್ತು ಕೇಂದ್ರ ಸರ್ಕಾರದ ನಿರ್ಲಕ್ಷ್ಯಕ್ಕೆ ಇದು ಸ್ಪಷ್ಟ ಉದಾಹರಣೆಯಾಗಿದೆ. ಡಿಸೆಂಬರ್ ಮಣಿಪುರದ ಪ್ರಸ್ತುತ ವಿಷಯಗಳ ಬಗ್ಗೆ ಪ್ರಧಾನಿ ಮಾತನಾಡಿಲ್ಲ. ರಾಜ್ಯಕ್ಕೆ ಭೇಟಿ ನೀಡಿಲ್ಲ. ಆರ್ಭಟೆಗೆ ಪ್ರತಿನಿಧಿಗಳನ್ನು ಆಹ್ವಾನಿಸಿಲ್ಲ
ಎಂದೂ ಅವರು ದೂರಿದ್ದಾರೆ. ಮನವಿ ಪತ್ರದಲ್ಲಿ ವಿರೋಧ ಮಣಿಪುರದ ಜನತೆ ಹಾಗೂ ಇಂಡಿಯಾ ಮೈತ್ರಿ ಕೂಟದ ಪಕ್ಷಗಳ ಪರವಾಗಿ, ರಾಜ್ಯಕ್ಕೆ (ಮಣಿಪುರ) ಭೇಟಿ ನೀಡುವಂತೆ ನಿಮ್ಮನ್ನು (ಪ್ರಧಾನಿ) ಆಗ್ರಹಿಸುತ್ತೇವೆ. ಸುಮಾರು 2 ವರ್ಷಗಳಿಂದ ರಾಜ್ಯ ಪ್ರಕ್ಷುಬ್ಧವಾಗಿದೆ. ಇದರಿಂದ ಸುಮಾರು ಒಂದು ಲಕ್ಷ ಜನ ಸ್ಥಳಾಂತರಗೊಂಡಿದ್ದಾರೆ. ನೂರಾರು ಜನ ಪ್ರಾಣ ಕಳೆದುಕೊಂಡಿದ್ದಾರೆ. ಸಾವಿರಾರು ಮನೆಗಳು ಸುಟ್ಟು ಕರಕಲಾಗಿವೆ. 2024ರ ಈ ವರ್ಷ ಮುಗಿಯುವ ಮೊದಲು ಮಣಿಪುರಕ್ಕೆ ಭೇಟಿ ನೀಡಿ. ನಿಮಗೆ ಸಮಯವಿಲ್ಲದಿದ್ದರೆ, ಮಣಿಪುರದ ಎಲ್ಲ ರಾಜಕೀಯ ಪಕ್ಷಗಳನ್ನು ನಿಮ್ಮ ಕಚೇರಿ ಅಥವಾ ನಿವಾಸದಲ್ಲಿಯಾದರೂ ಭೇಟಿಯಾಗಿ ಎಂದು ಆಗ್ರಹಿಸಿದ್ದಾರೆ. ಕಳೆದ ವರ್ಷ ಮೇ ತಿಂಗಳಿನಿಂದ ಇಂಫಾಲ ಕಣಿವೆಯಲ್ಲಿ ಮೈತೇಯಿ ಹಾಗೂ ಕುಕಿ ಸಮುದಾಯಗಳ ನಡುವಿನ ಜನಾಂಗೀಯ ಹಿಂಸಾಚಾರದಲ್ಲಿ 220ಕ್ಕೂ ಹೆಚ್ಚು ಜನ ಮೃತಪಟ್ಟಿದ್ದಾರೆ.
